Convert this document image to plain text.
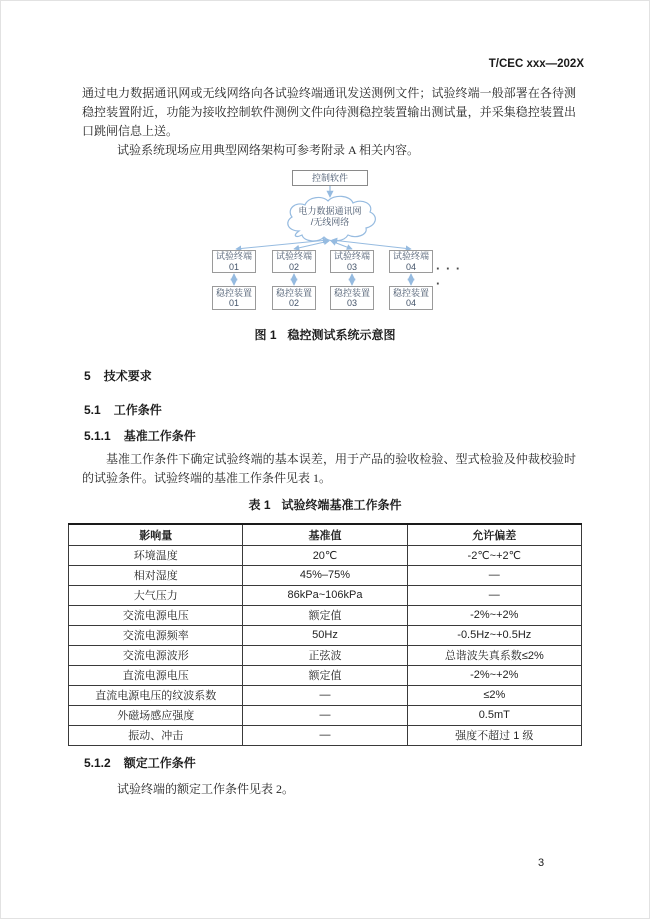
T/CEC xxx—202X

通过电力数据通讯网或无线网络向各试验终端通讯发送测例文件；试验终端一般部署在各待测稳控装置附近，功能为接收控制软件测例文件向待测稳控装置输出测试量，并采集稳控装置出口跳闸信息上送。

试验系统现场应用典型网络架构可参考附录 A 相关内容。

控制软件
电力数据通讯网
/无线网络
试验终端
01
试验终端
02
试验终端
03
试验终端
04
稳控装置
01
稳控装置
02
稳控装置
03
稳控装置
04
· · · ·
图 1 稳控测试系统示意图
5 技术要求
5.1 工作条件
5.1.1 基准工作条件

基准工作条件下确定试验终端的基本误差，用于产品的验收检验、型式检验及仲裁校验时的试验条件。试验终端的基准工作条件见表 1。

表 1 试验终端基准工作条件
影响量	基准值	允许偏差
环境温度	20℃	-2℃~+2℃
相对湿度	45%–75%	—
大气压力	86kPa~106kPa	—
交流电源电压	额定值	-2%~+2%
交流电源频率	50Hz	-0.5Hz~+0.5Hz
交流电源波形	正弦波	总谐波失真系数≤2%
直流电源电压	额定值	-2%~+2%
直流电源电压的纹波系数	—	≤2%
外磁场感应强度	—	0.5mT
振动、冲击	—	强度不超过 1 级
5.1.2 额定工作条件

试验终端的额定工作条件见表 2。

3
